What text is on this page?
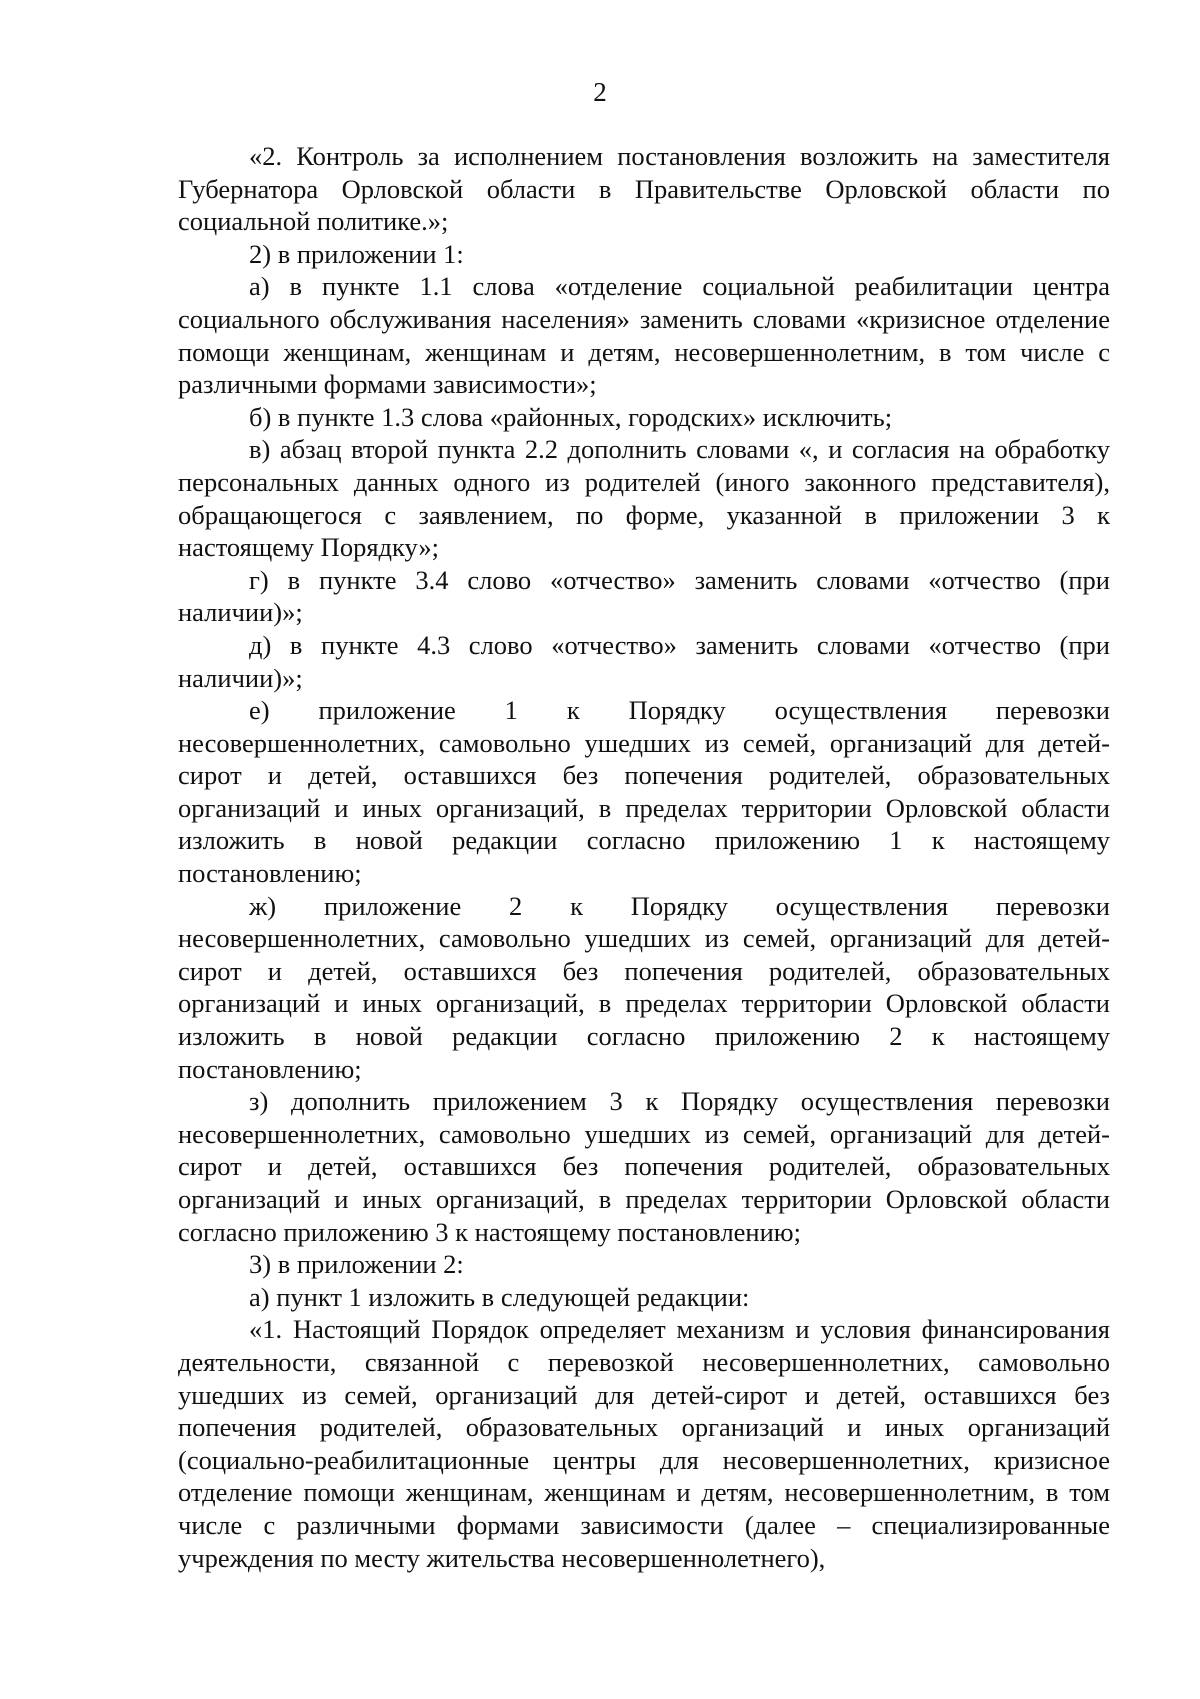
2

«2. Контроль за исполнением постановления возложить на заместителя Губернатора Орловской области в Правительстве Орловской области по социальной политике.»;

2) в приложении 1:

а) в пункте 1.1 слова «отделение социальной реабилитации центра социального обслуживания населения» заменить словами «кризисное отделение помощи женщинам, женщинам и детям, несовершеннолетним, в том числе с различными формами зависимости»;

б) в пункте 1.3 слова «районных, городских» исключить;

в) абзац второй пункта 2.2 дополнить словами «, и согласия на обработку персональных данных одного из родителей (иного законного представителя), обращающегося с заявлением, по форме, указанной в приложении 3 к настоящему Порядку»;

г) в пункте 3.4 слово «отчество» заменить словами «отчество (при наличии)»;

д) в пункте 4.3 слово «отчество» заменить словами «отчество (при наличии)»;

е) приложение 1 к Порядку осуществления перевозки несовершеннолетних, самовольно ушедших из семей, организаций для детей-сирот и детей, оставшихся без попечения родителей, образовательных организаций и иных организаций, в пределах территории Орловской области изложить в новой редакции согласно приложению 1 к настоящему постановлению;

ж) приложение 2 к Порядку осуществления перевозки несовершеннолетних, самовольно ушедших из семей, организаций для детей-сирот и детей, оставшихся без попечения родителей, образовательных организаций и иных организаций, в пределах территории Орловской области изложить в новой редакции согласно приложению 2 к настоящему постановлению;

з) дополнить приложением 3 к Порядку осуществления перевозки несовершеннолетних, самовольно ушедших из семей, организаций для детей-сирот и детей, оставшихся без попечения родителей, образовательных организаций и иных организаций, в пределах территории Орловской области согласно приложению 3 к настоящему постановлению;

3) в приложении 2:

а) пункт 1 изложить в следующей редакции:

«1. Настоящий Порядок определяет механизм и условия финансирования деятельности, связанной с перевозкой несовершеннолетних, самовольно ушедших из семей, организаций для детей-сирот и детей, оставшихся без попечения родителей, образовательных организаций и иных организаций (социально-реабилитационные центры для несовершеннолетних, кризисное отделение помощи женщинам, женщинам и детям, несовершеннолетним, в том числе с различными формами зависимости (далее – специализированные учреждения по месту жительства несовершеннолетнего),
